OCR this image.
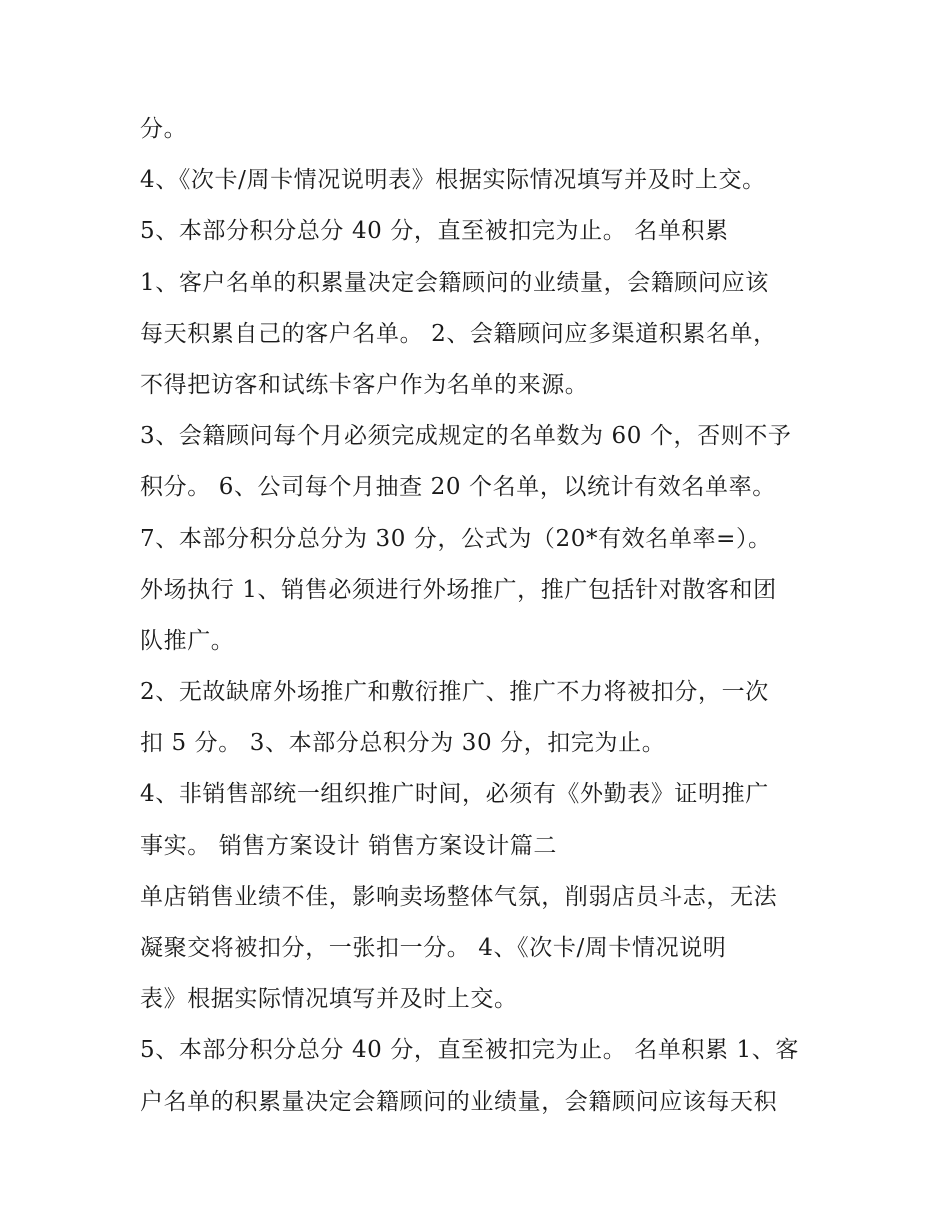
分。
4、《次卡/周卡情况说明表》根据实际情况填写并及时上交。
5、本部分积分总分 40 分，直至被扣完为止。 名单积累
1、客户名单的积累量决定会籍顾问的业绩量，会籍顾问应该
每天积累自己的客户名单。 2、会籍顾问应多渠道积累名单，
不得把访客和试练卡客户作为名单的来源。
3、会籍顾问每个月必须完成规定的名单数为 60 个，否则不予
积分。 6、公司每个月抽查 20 个名单，以统计有效名单率。
7、本部分积分总分为 30 分，公式为（20*有效名单率=）。
外场执行 1、销售必须进行外场推广，推广包括针对散客和团
队推广。
2、无故缺席外场推广和敷衍推广、推广不力将被扣分，一次
扣 5 分。 3、本部分总积分为 30 分，扣完为止。
4、非销售部统一组织推广时间，必须有《外勤表》证明推广
事实。 销售方案设计 销售方案设计篇二
单店销售业绩不佳，影响卖场整体气氛，削弱店员斗志，无法
凝聚交将被扣分，一张扣一分。 4、《次卡/周卡情况说明
表》根据实际情况填写并及时上交。
5、本部分积分总分 40 分，直至被扣完为止。 名单积累 1、客
户名单的积累量决定会籍顾问的业绩量，会籍顾问应该每天积
